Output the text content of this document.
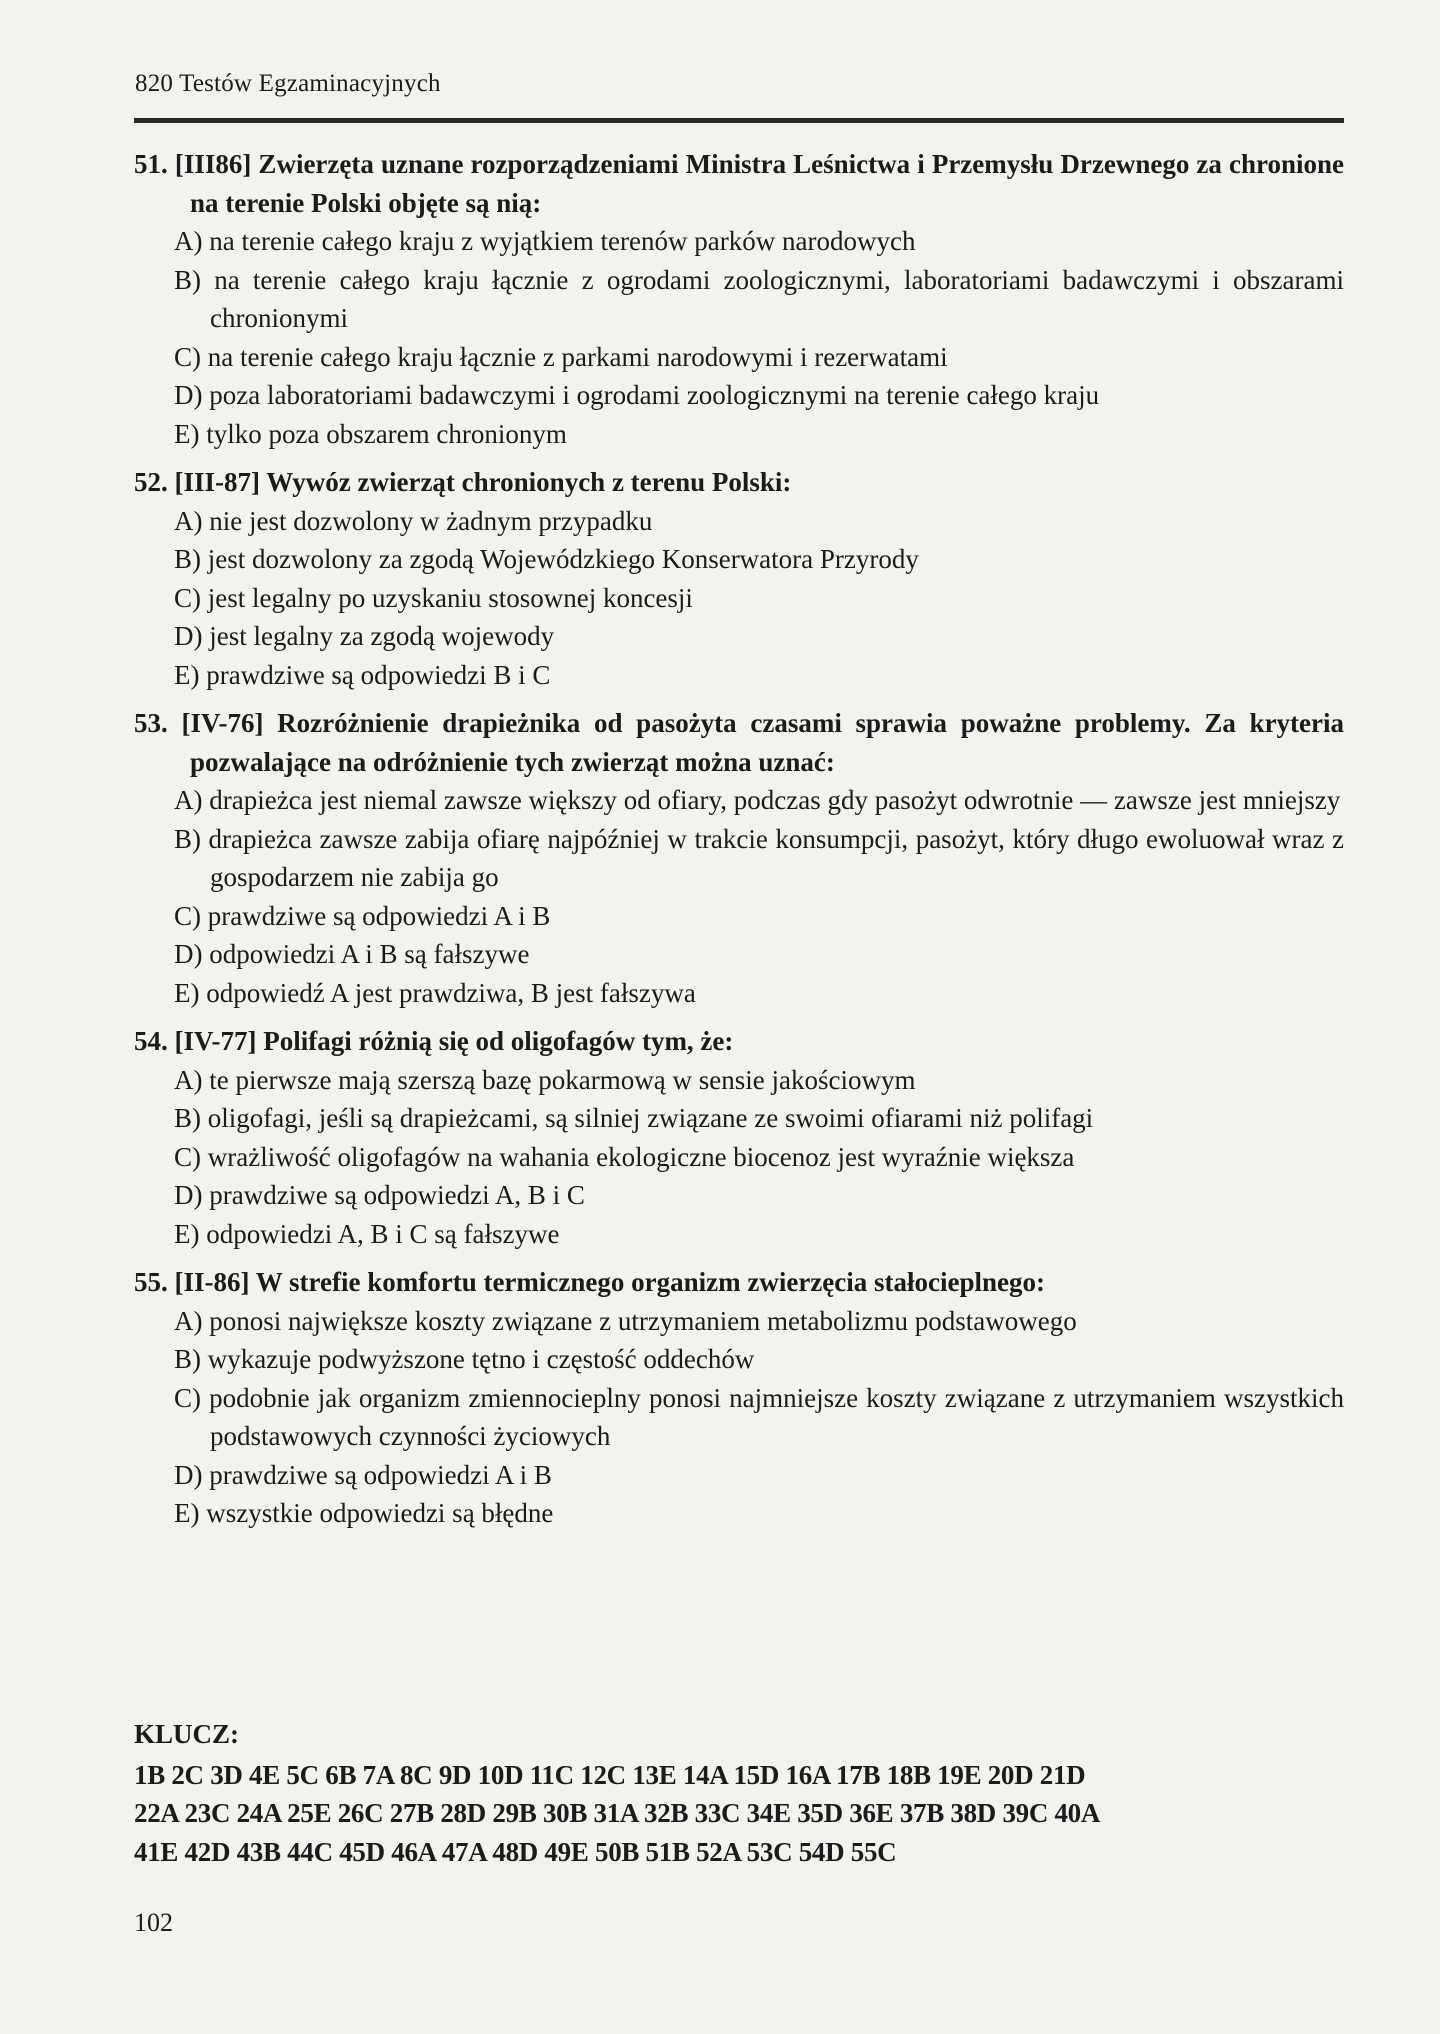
820 Testów Egzaminacyjnych
51. [III86] Zwierzęta uznane rozporządzeniami Ministra Leśnictwa i Przemysłu Drzewnego za chronione na terenie Polski objęte są nią:
A) na terenie całego kraju z wyjątkiem terenów parków narodowych
B) na terenie całego kraju łącznie z ogrodami zoologicznymi, laboratoriami badawczymi i obszarami chronionymi
C) na terenie całego kraju łącznie z parkami narodowymi i rezerwatami
D) poza laboratoriami badawczymi i ogrodami zoologicznymi na terenie całego kraju
E) tylko poza obszarem chronionym
52. [III-87] Wywóz zwierząt chronionych z terenu Polski:
A) nie jest dozwolony w żadnym przypadku
B) jest dozwolony za zgodą Wojewódzkiego Konserwatora Przyrody
C) jest legalny po uzyskaniu stosownej koncesji
D) jest legalny za zgodą wojewody
E) prawdziwe są odpowiedzi B i C
53. [IV-76] Rozróżnienie drapieżnika od pasożyta czasami sprawia poważne problemy. Za kryteria pozwalające na odróżnienie tych zwierząt można uznać:
A) drapieżca jest niemal zawsze większy od ofiary, podczas gdy pasożyt odwrotnie — zawsze jest mniejszy
B) drapieżca zawsze zabija ofiarę najpóźniej w trakcie konsumpcji, pasożyt, który długo ewoluował wraz z gospodarzem nie zabija go
C) prawdziwe są odpowiedzi A i B
D) odpowiedzi A i B są fałszywe
E) odpowiedź A jest prawdziwa, B jest fałszywa
54. [IV-77] Polifagi różnią się od oligofagów tym, że:
A) te pierwsze mają szerszą bazę pokarmową w sensie jakościowym
B) oligofagi, jeśli są drapieżcami, są silniej związane ze swoimi ofiarami niż polifagi
C) wrażliwość oligofagów na wahania ekologiczne biocenoz jest wyraźnie większa
D) prawdziwe są odpowiedzi A, B i C
E) odpowiedzi A, B i C są fałszywe
55. [II-86] W strefie komfortu termicznego organizm zwierzęcia stałocieplnego:
A) ponosi największe koszty związane z utrzymaniem metabolizmu podstawowego
B) wykazuje podwyższone tętno i częstość oddechów
C) podobnie jak organizm zmiennocieplny ponosi najmniejsze koszty związane z utrzymaniem wszystkich podstawowych czynności życiowych
D) prawdziwe są odpowiedzi A i B
E) wszystkie odpowiedzi są błędne
KLUCZ:
1B 2C 3D 4E 5C 6B 7A 8C 9D 10D 11C 12C 13E 14A 15D 16A 17B 18B 19E 20D 21D
22A 23C 24A 25E 26C 27B 28D 29B 30B 31A 32B 33C 34E 35D 36E 37B 38D 39C 40A
41E 42D 43B 44C 45D 46A 47A 48D 49E 50B 51B 52A 53C 54D 55C
102
